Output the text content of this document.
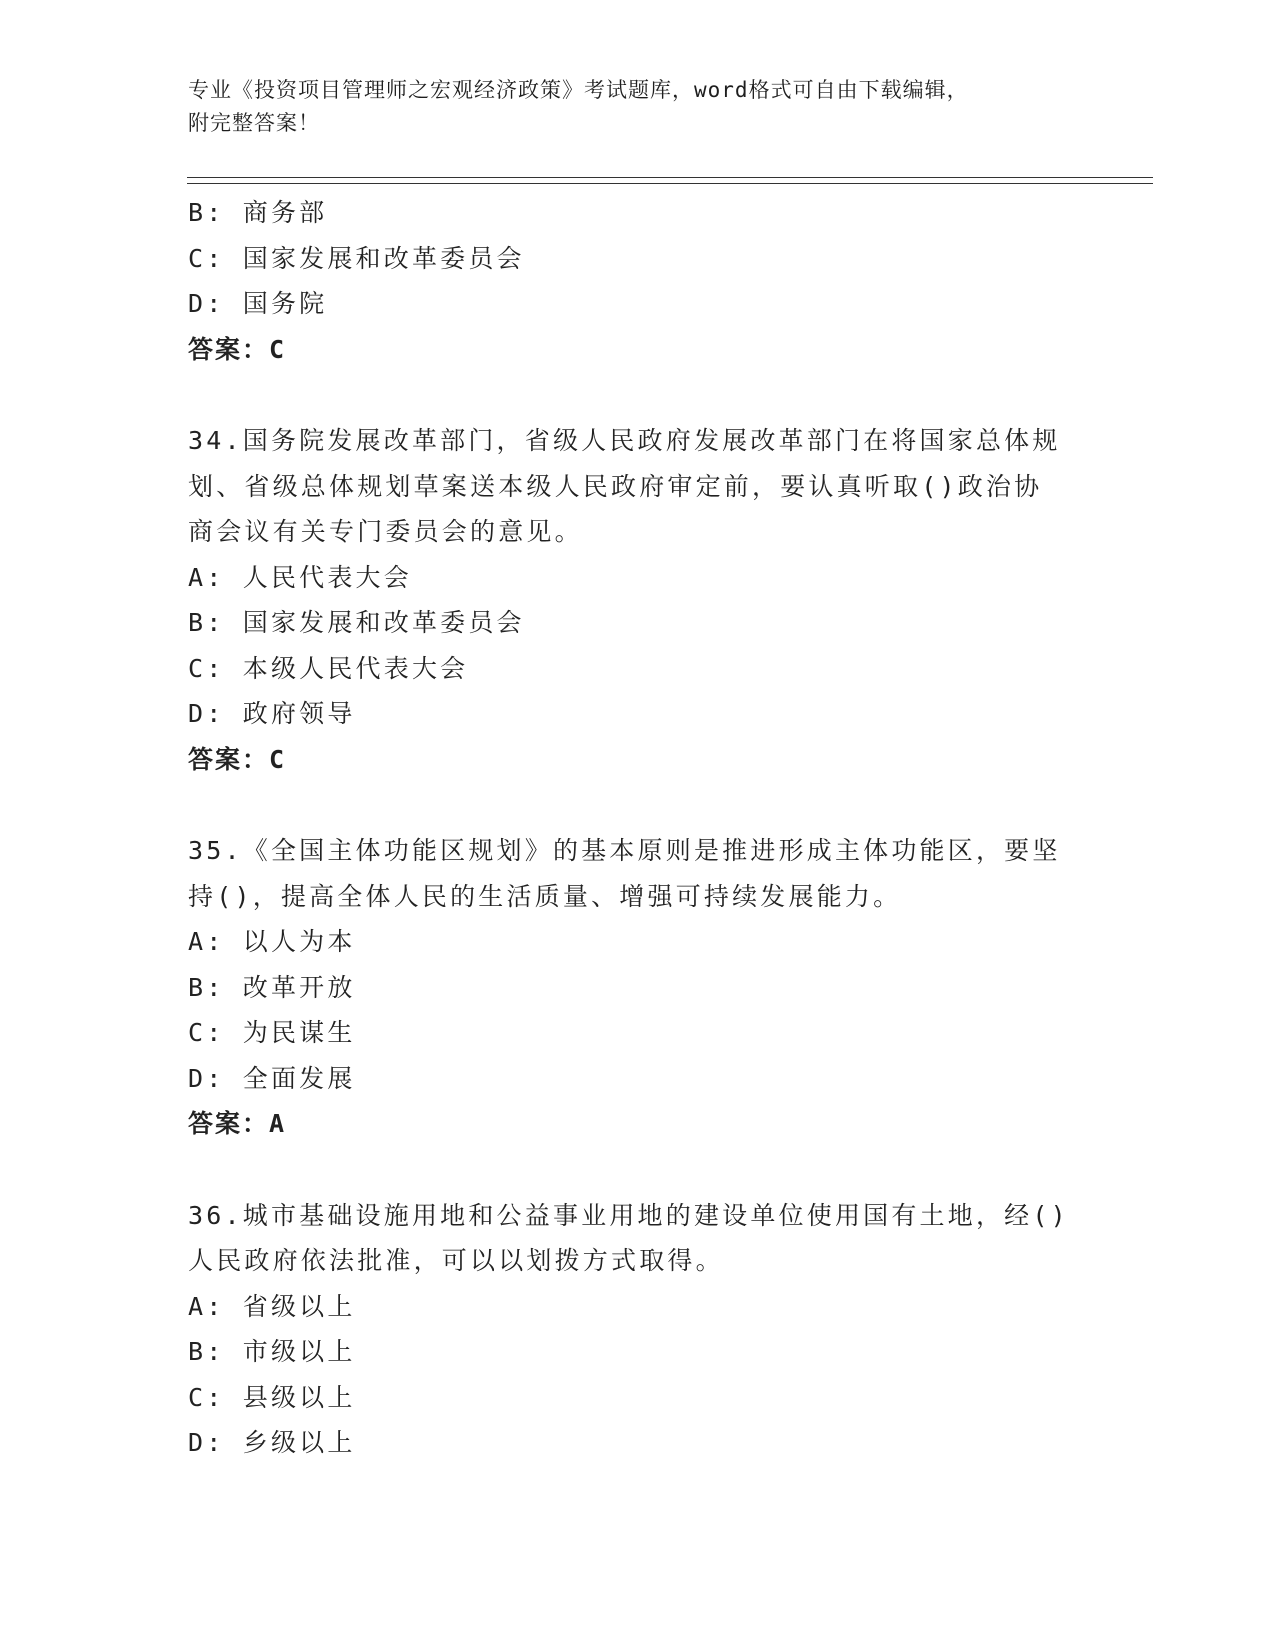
专业《投资项目管理师之宏观经济政策》考试题库，word格式可自由下载编辑，
附完整答案！
B: 商务部
C: 国家发展和改革委员会
D: 国务院
答案：C
34.国务院发展改革部门，省级人民政府发展改革部门在将国家总体规
划、省级总体规划草案送本级人民政府审定前，要认真听取()政治协
商会议有关专门委员会的意见。
A: 人民代表大会
B: 国家发展和改革委员会
C: 本级人民代表大会
D: 政府领导
答案：C
35.《全国主体功能区规划》的基本原则是推进形成主体功能区，要坚
持()，提高全体人民的生活质量、增强可持续发展能力。
A: 以人为本
B: 改革开放
C: 为民谋生
D: 全面发展
答案：A
36.城市基础设施用地和公益事业用地的建设单位使用国有土地，经()
人民政府依法批准，可以以划拨方式取得。
A: 省级以上
B: 市级以上
C: 县级以上
D: 乡级以上
